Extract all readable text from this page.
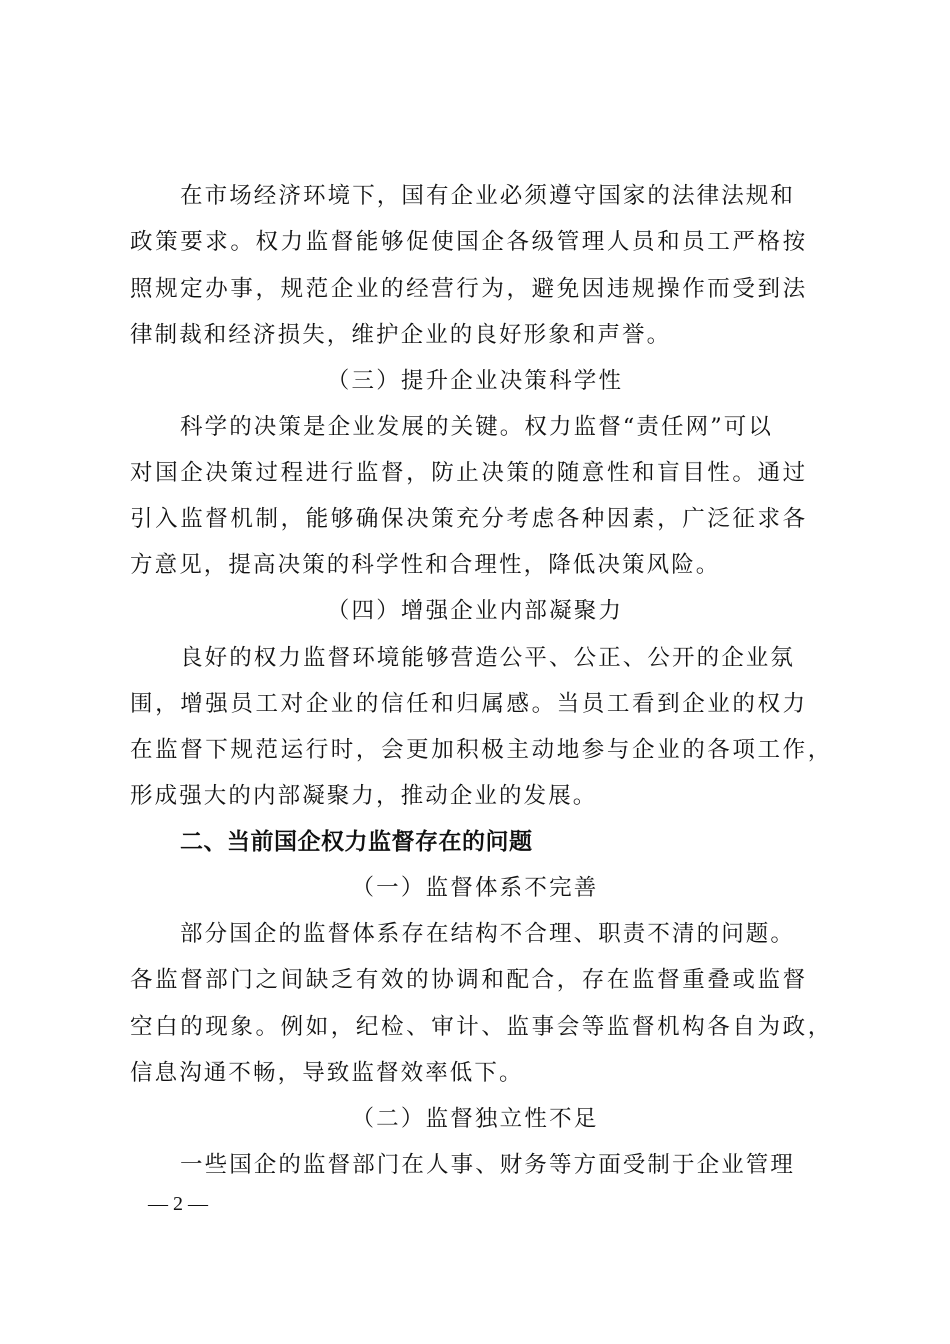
在市场经济环境下，国有企业必须遵守国家的法律法规和
政策要求。权力监督能够促使国企各级管理人员和员工严格按
照规定办事，规范企业的经营行为，避免因违规操作而受到法
律制裁和经济损失，维护企业的良好形象和声誉。
（三）提升企业决策科学性
科学的决策是企业发展的关键。权力监督“责任网”可以
对国企决策过程进行监督，防止决策的随意性和盲目性。通过
引入监督机制，能够确保决策充分考虑各种因素，广泛征求各
方意见，提高决策的科学性和合理性，降低决策风险。
（四）增强企业内部凝聚力
良好的权力监督环境能够营造公平、公正、公开的企业氛
围，增强员工对企业的信任和归属感。当员工看到企业的权力
在监督下规范运行时，会更加积极主动地参与企业的各项工作，
形成强大的内部凝聚力，推动企业的发展。
二、当前国企权力监督存在的问题
（一）监督体系不完善
部分国企的监督体系存在结构不合理、职责不清的问题。
各监督部门之间缺乏有效的协调和配合，存在监督重叠或监督
空白的现象。例如，纪检、审计、监事会等监督机构各自为政，
信息沟通不畅，导致监督效率低下。
（二）监督独立性不足
一些国企的监督部门在人事、财务等方面受制于企业管理
— 2 —
